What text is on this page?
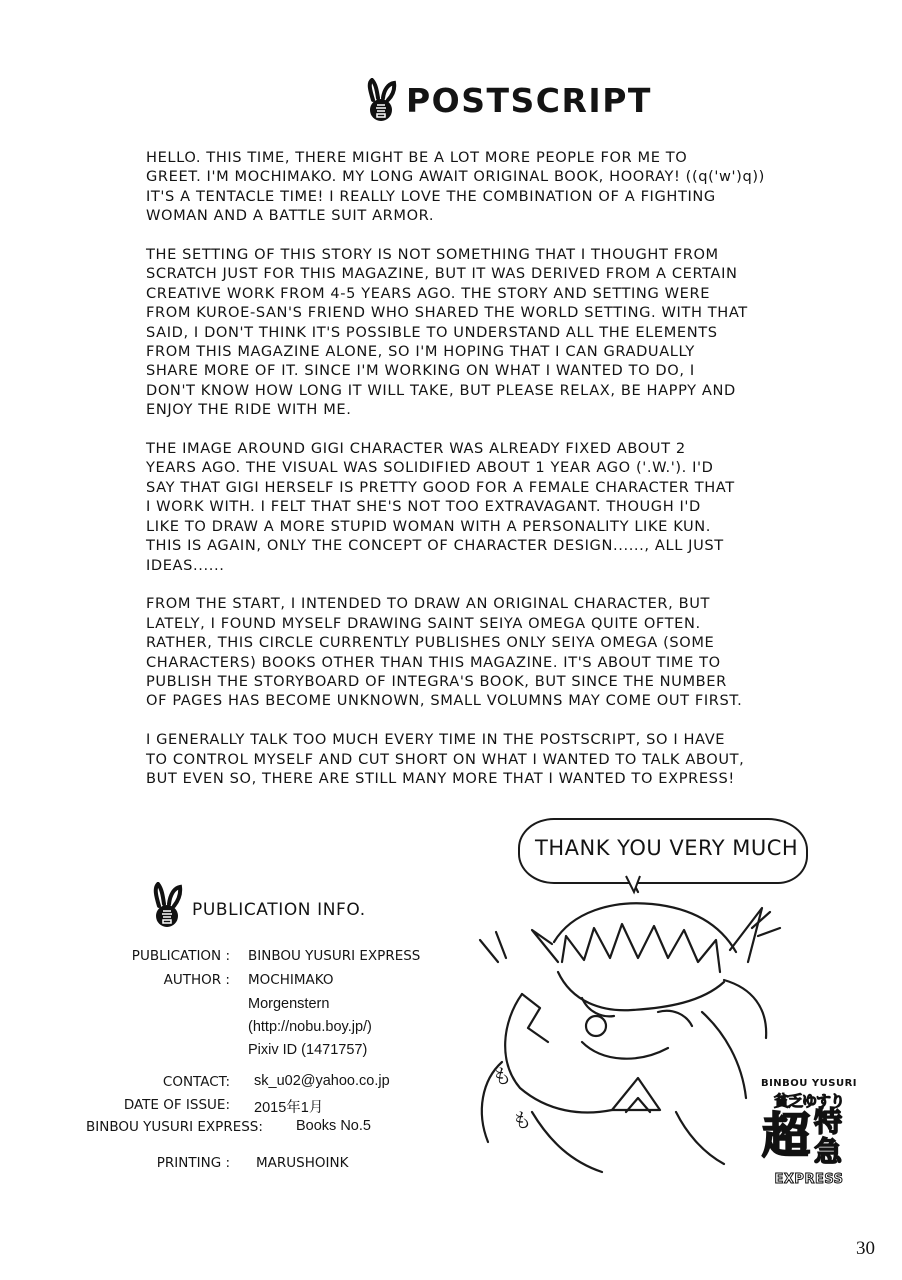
POSTSCRIPT

HELLO. THIS TIME, THERE MIGHT BE A LOT MORE PEOPLE FOR ME TO
GREET. I'M MOCHIMAKO. MY LONG AWAIT ORIGINAL BOOK, HOORAY! ((q('w')q))
IT'S A TENTACLE TIME! I REALLY LOVE THE COMBINATION OF A FIGHTING
WOMAN AND A BATTLE SUIT ARMOR.

THE SETTING OF THIS STORY IS NOT SOMETHING THAT I THOUGHT FROM
SCRATCH JUST FOR THIS MAGAZINE, BUT IT WAS DERIVED FROM A CERTAIN
CREATIVE WORK FROM 4-5 YEARS AGO. THE STORY AND SETTING WERE
FROM KUROE-SAN'S FRIEND WHO SHARED THE WORLD SETTING. WITH THAT
SAID, I DON'T THINK IT'S POSSIBLE TO UNDERSTAND ALL THE ELEMENTS
FROM THIS MAGAZINE ALONE, SO I'M HOPING THAT I CAN GRADUALLY
SHARE MORE OF IT. SINCE I'M WORKING ON WHAT I WANTED TO DO, I
DON'T KNOW HOW LONG IT WILL TAKE, BUT PLEASE RELAX, BE HAPPY AND
ENJOY THE RIDE WITH ME.

THE IMAGE AROUND GIGI CHARACTER WAS ALREADY FIXED ABOUT 2
YEARS AGO. THE VISUAL WAS SOLIDIFIED ABOUT 1 YEAR AGO ('.W.'). I'D
SAY THAT GIGI HERSELF IS PRETTY GOOD FOR A FEMALE CHARACTER THAT
I WORK WITH. I FELT THAT SHE'S NOT TOO EXTRAVAGANT. THOUGH I'D
LIKE TO DRAW A MORE STUPID WOMAN WITH A PERSONALITY LIKE KUN.
THIS IS AGAIN, ONLY THE CONCEPT OF CHARACTER DESIGN......, ALL JUST
IDEAS......

FROM THE START, I INTENDED TO DRAW AN ORIGINAL CHARACTER, BUT
LATELY, I FOUND MYSELF DRAWING SAINT SEIYA OMEGA QUITE OFTEN.
RATHER, THIS CIRCLE CURRENTLY PUBLISHES ONLY SEIYA OMEGA (SOME
CHARACTERS) BOOKS OTHER THAN THIS MAGAZINE. IT'S ABOUT TIME TO
PUBLISH THE STORYBOARD OF INTEGRA'S BOOK, BUT SINCE THE NUMBER
OF PAGES HAS BECOME UNKNOWN, SMALL VOLUMNS MAY COME OUT FIRST.

I GENERALLY TALK TOO MUCH EVERY TIME IN THE POSTSCRIPT, SO I HAVE
TO CONTROL MYSELF AND CUT SHORT ON WHAT I WANTED TO TALK ABOUT,
BUT EVEN SO, THERE ARE STILL MANY MORE THAT I WANTED TO EXPRESS!

PUBLICATION INFO.
PUBLICATION : BINBOU YUSURI EXPRESS
AUTHOR : MOCHIMAKO
Morgenstern
(http://nobu.boy.jp/)
Pixiv ID (1471757)
CONTACT: sk_u02@yahoo.co.jp
DATE OF ISSUE: 2015年1月
BINBOU YUSURI EXPRESS: Books No.5
PRINTING : MARUSHOINK
THANK YOU VERY MUCH
も
も
BINBOU YUSURI
貧乏ゆすり
超 特
急
EXPRESS
30
